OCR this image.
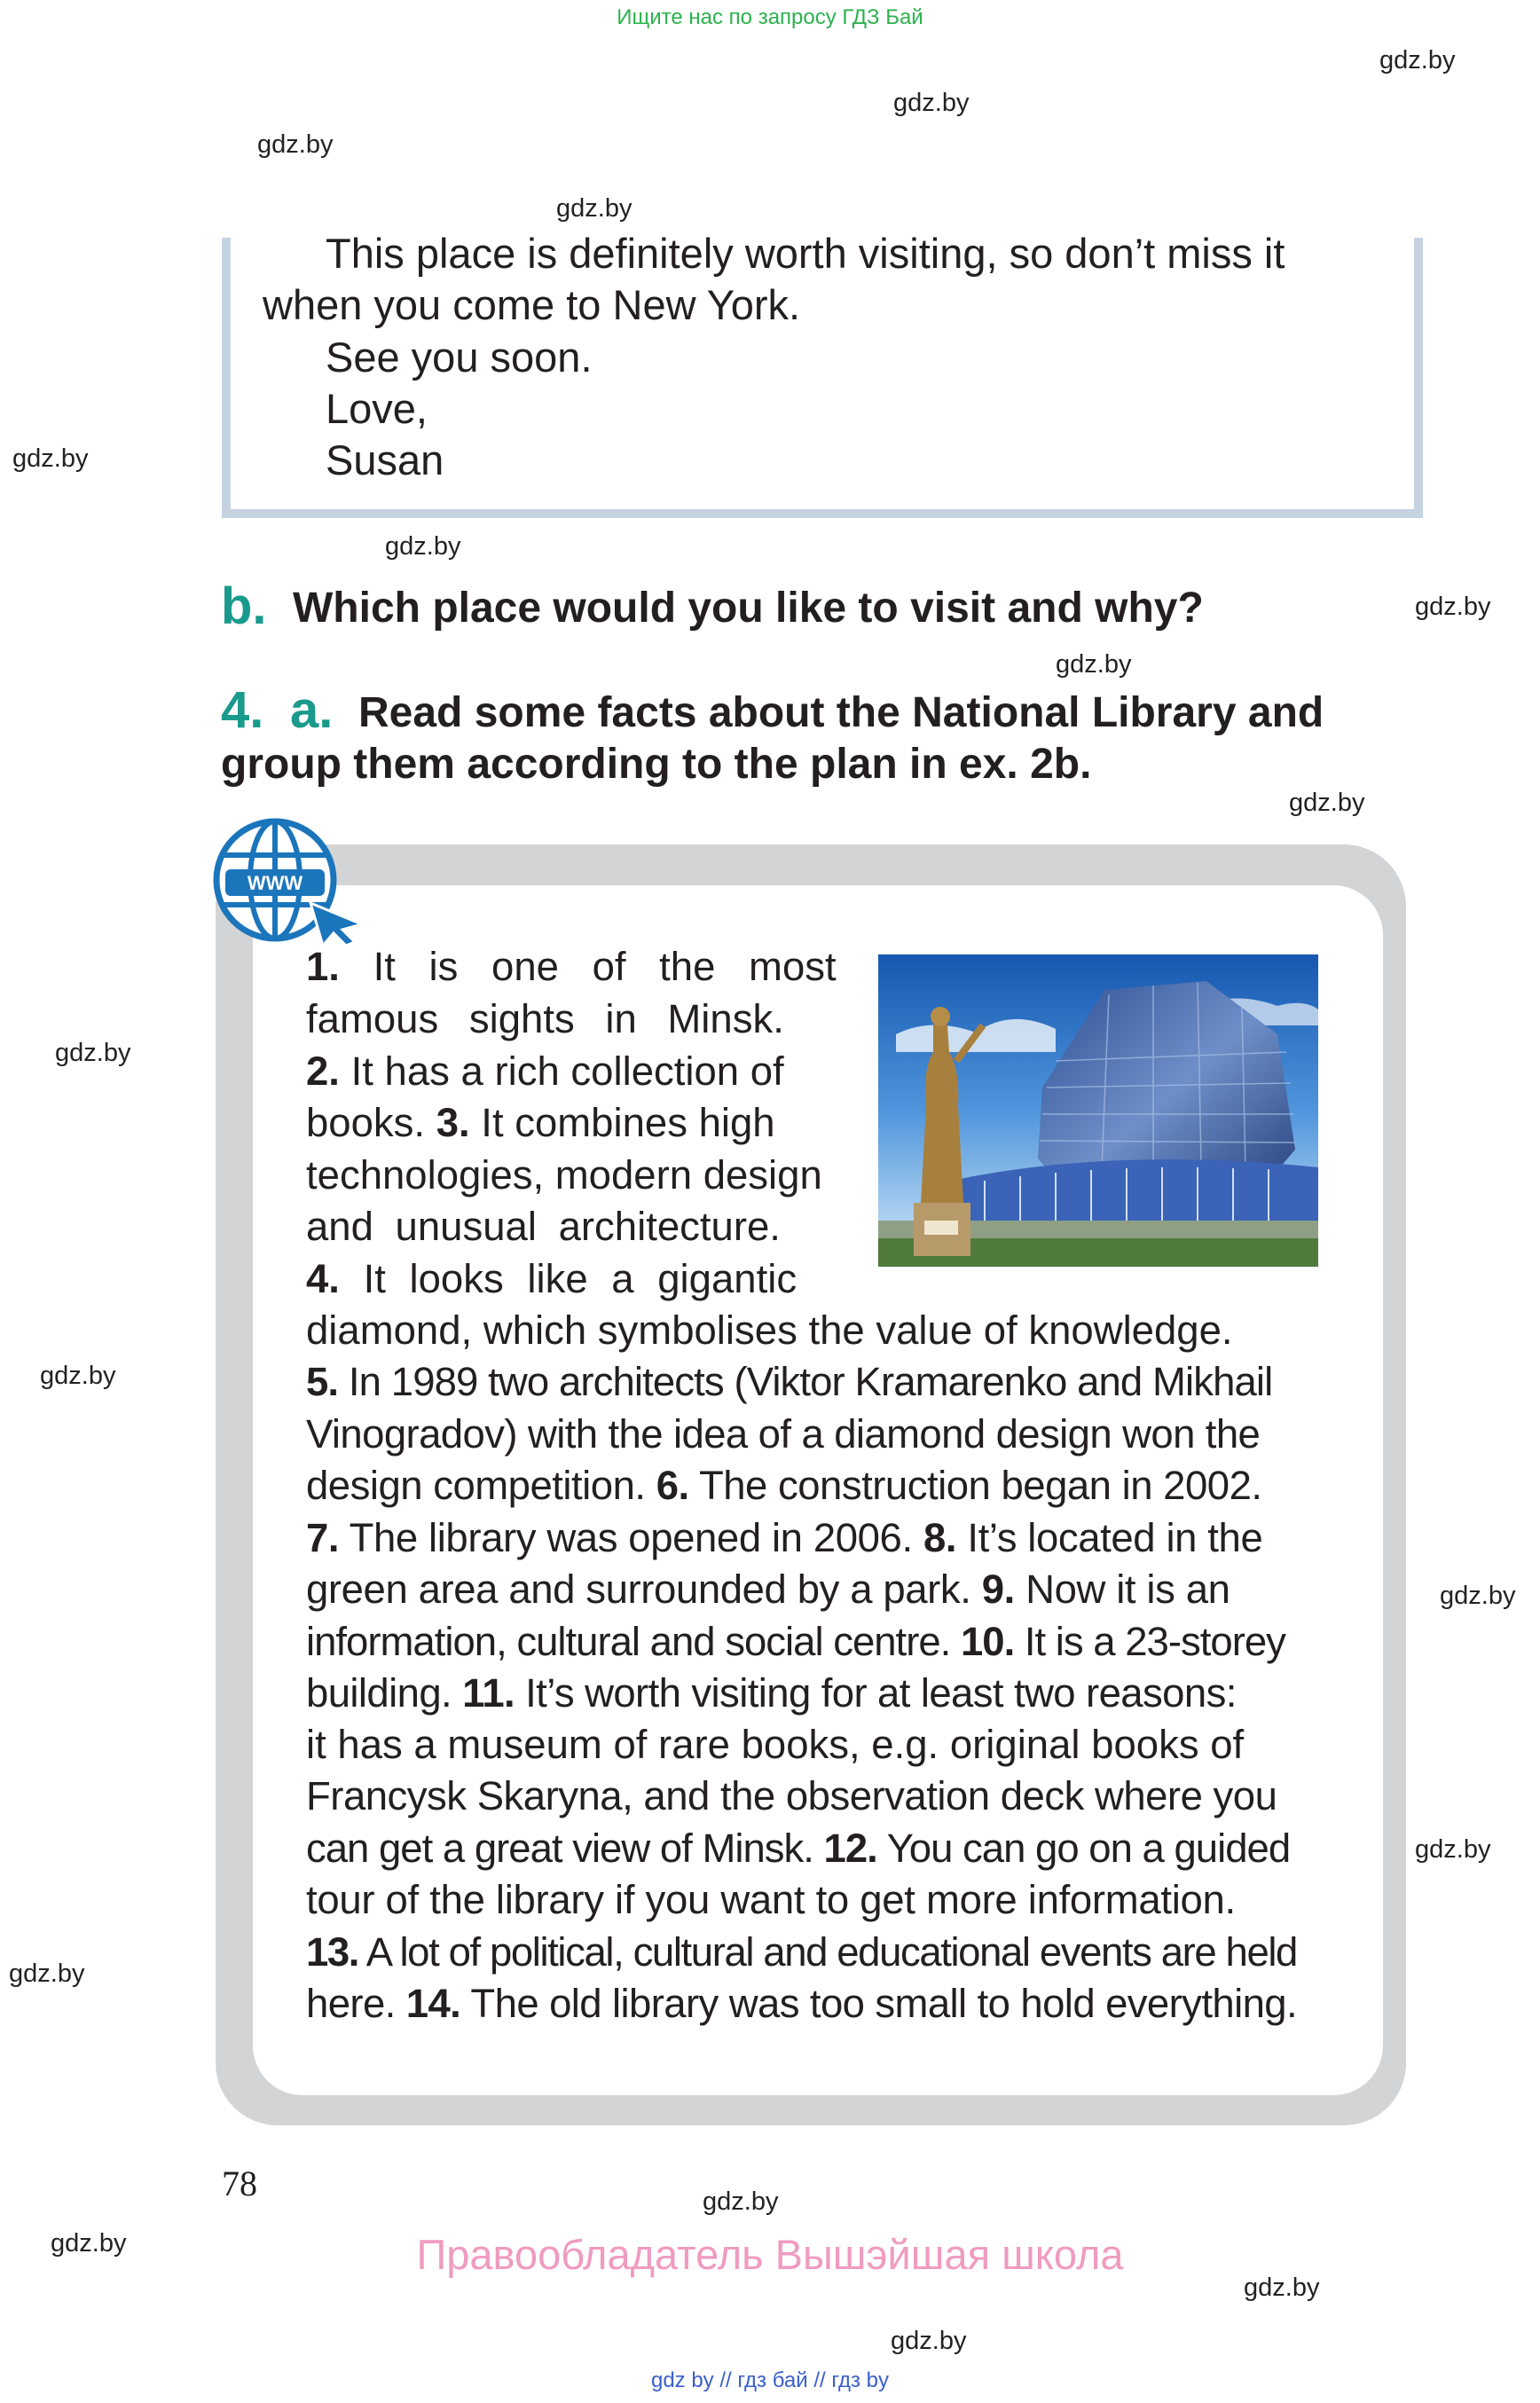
Ищите нас по запросу ГДЗ Бай
gdz.by
gdz.by
gdz.by
gdz.by
gdz.by
gdz.by
gdz.by
gdz.by
gdz.by
gdz.by
gdz.by
gdz.by
gdz.by
gdz.by
gdz.by
gdz.by
gdz.by
gdz.by
This place is definitely worth visiting, so don’t miss it
when you come to New York.
See you soon.
Love,
Susan
b. Which place would you like to visit and why?
4. a. Read some facts about the National Library and
group them according to the plan in ex. 2b.
WWW
1. It is one of the most
famous sights in Minsk.
2. It has a rich collection of
books. 3. It combines high
technologies, modern design
and unusual architecture.
4. It looks like a gigantic
diamond, which symbolises the value of knowledge.
5. In 1989 two architects (Viktor Kramarenko and Mikhail
Vinogradov) with the idea of a diamond design won the
design competition. 6. The construction began in 2002.
7. The library was opened in 2006. 8. It’s located in the
green area and surrounded by a park. 9. Now it is an
information, cultural and social centre. 10. It is a 23-storey
building. 11. It’s worth visiting for at least two reasons:
it has a museum of rare books, e.g. original books of
Francysk Skaryna, and the observation deck where you
can get a great view of Minsk. 12. You can go on a guided
tour of the library if you want to get more information.
13. A lot of political, cultural and educational events are held
here. 14. The old library was too small to hold everything.
78
Правообладатель Вышэйшая школа
gdz by // гдз бай // гдз by
